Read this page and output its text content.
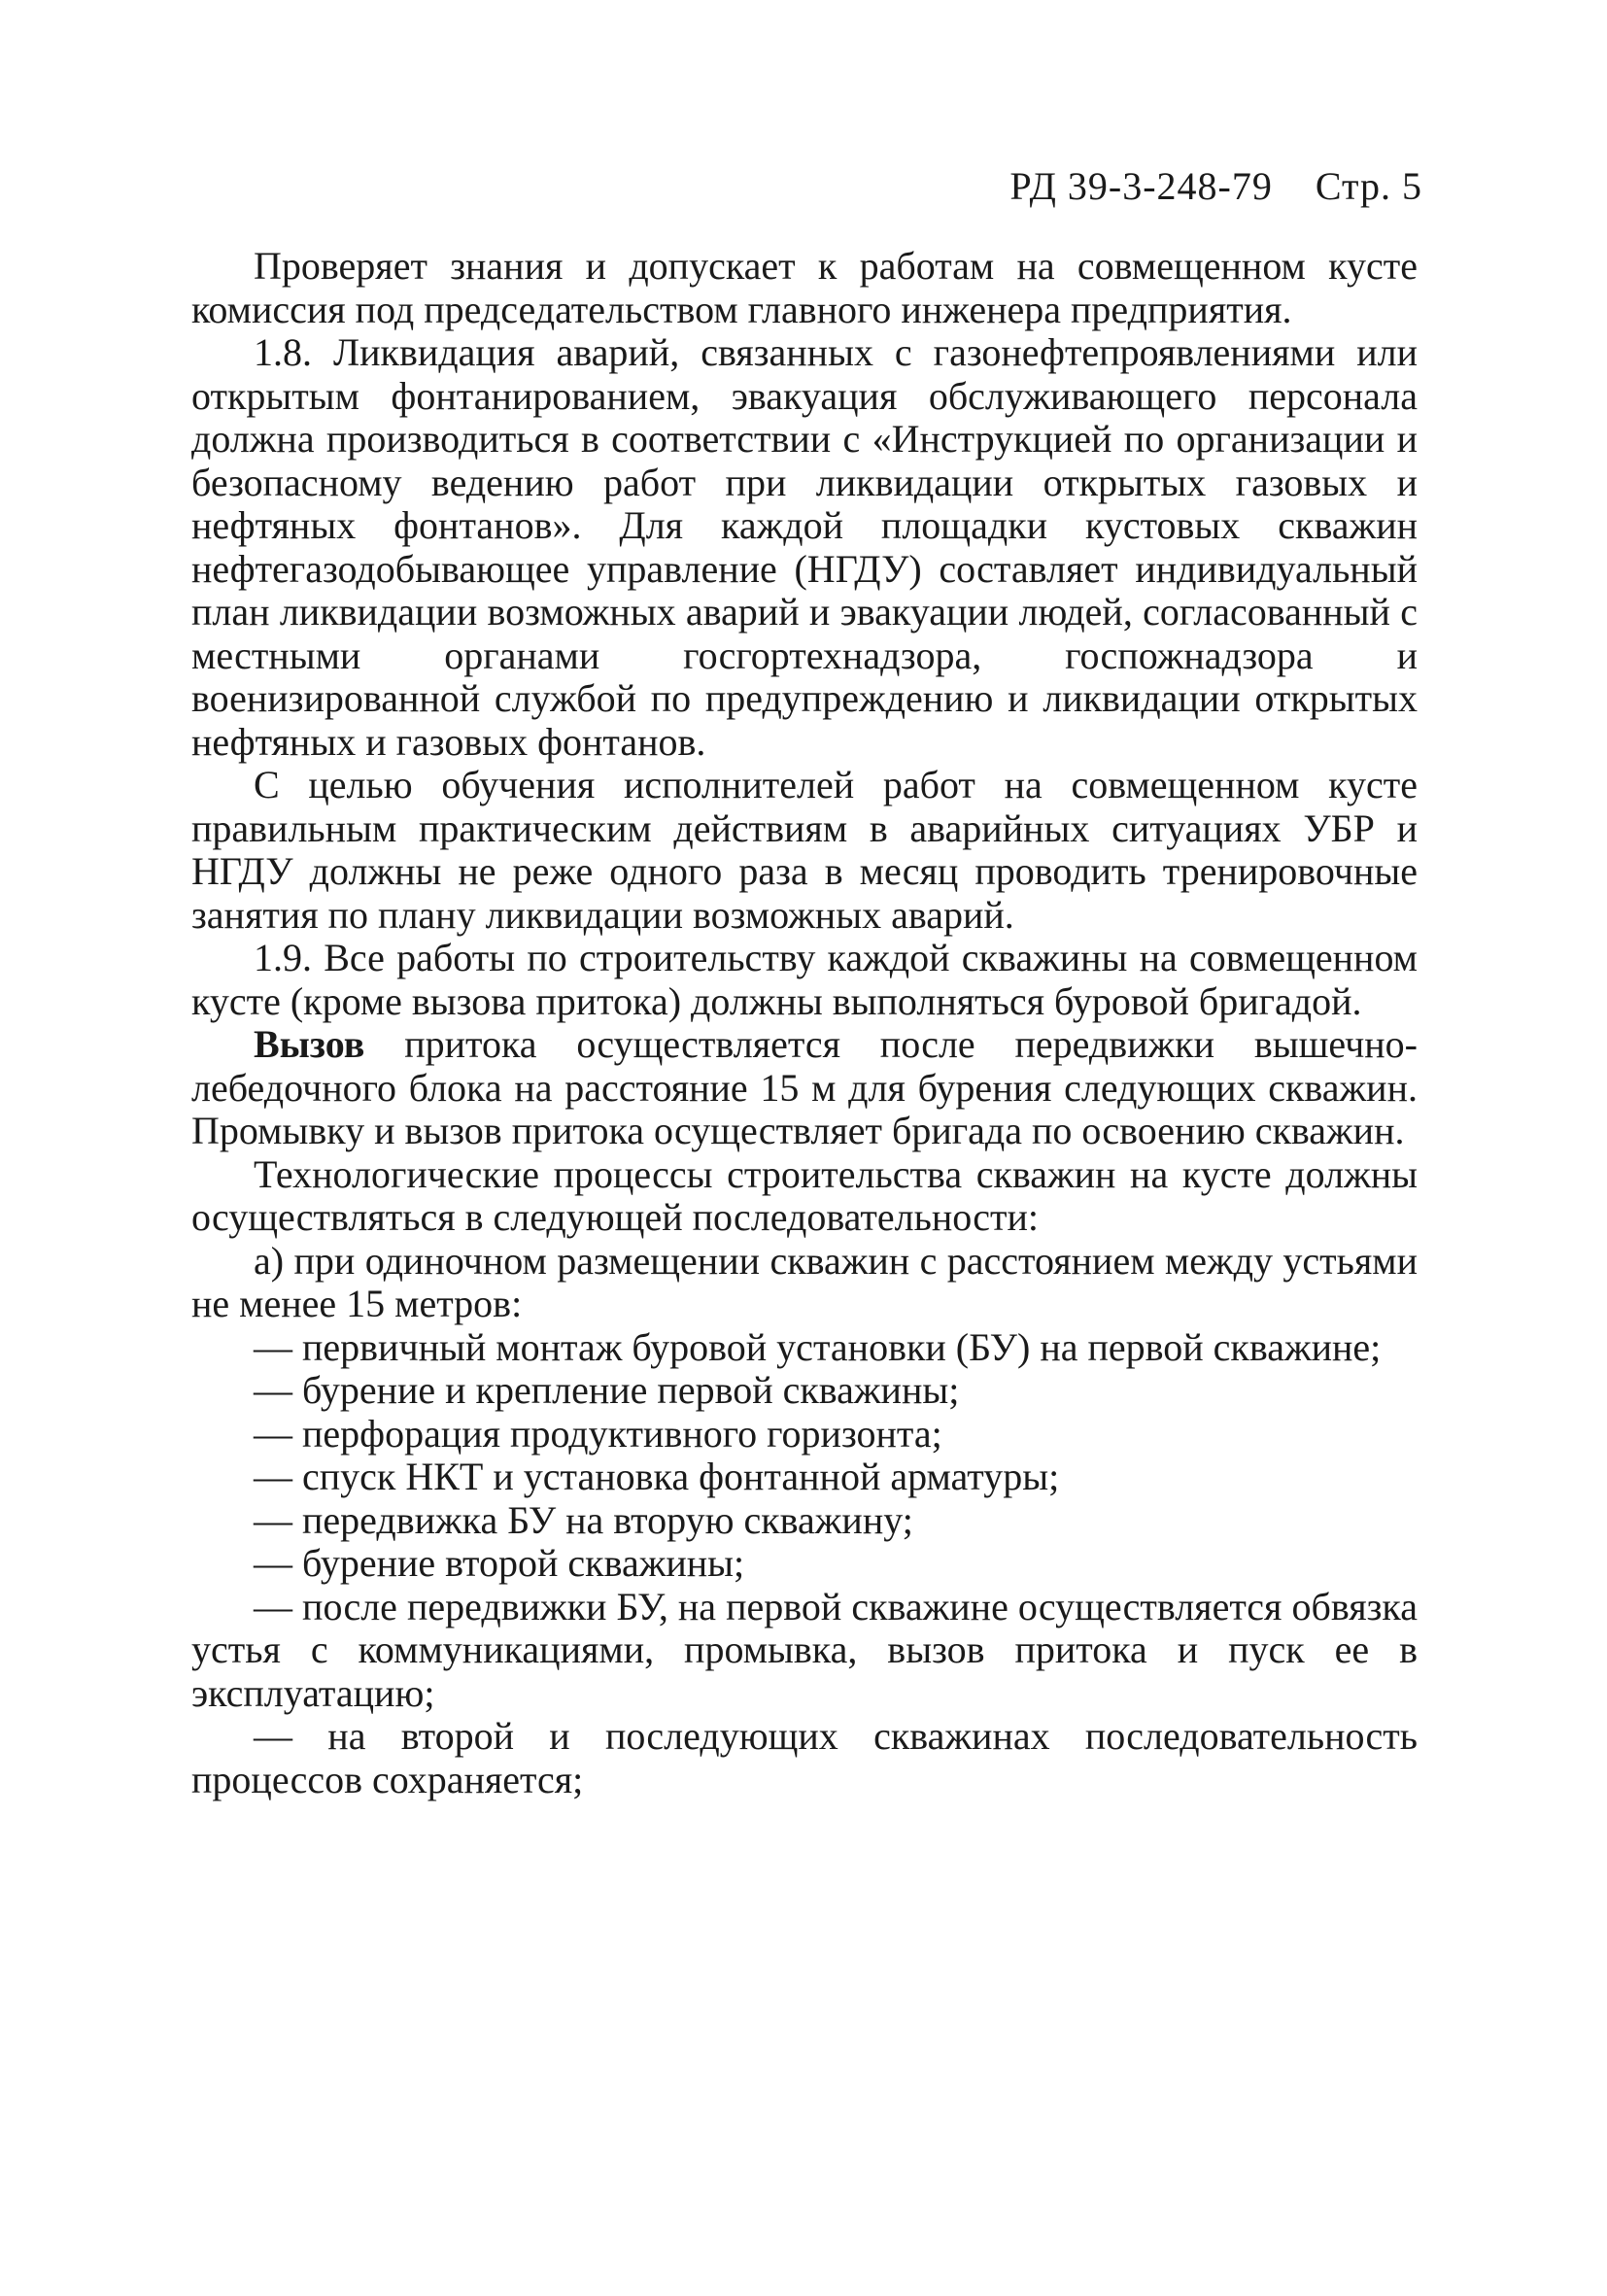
РД 39-3-248-79 Стр. 5

Проверяет знания и допускает к работам на совмещенном кусте комиссия под председательством главного инженера предприятия.

1.8. Ликвидация аварий, связанных с газонефтепроявлениями или открытым фонтанированием, эвакуация обслуживающего персонала должна производиться в соответствии с «Инструкцией по организации и безопасному ведению работ при ликвидации открытых газовых и нефтяных фонтанов». Для каждой площадки кустовых скважин нефтегазодобывающее управление (НГДУ) составляет индивидуальный план ликвидации возможных аварий и эвакуации людей, согласованный с местными органами госгортехнадзора, госпожнадзора и военизированной службой по предупреждению и ликвидации открытых нефтяных и газовых фонтанов.

С целью обучения исполнителей работ на совмещенном кусте правильным практическим действиям в аварийных ситуациях УБР и НГДУ должны не реже одного раза в месяц проводить тренировочные занятия по плану ликвидации возможных аварий.

1.9. Все работы по строительству каждой скважины на совмещенном кусте (кроме вызова притока) должны выполняться буровой бригадой.

Вызов притока осуществляется после передвижки вышечно-лебедочного блока на расстояние 15 м для бурения следующих скважин. Промывку и вызов притока осуществляет бригада по освоению скважин.

Технологические процессы строительства скважин на кусте должны осуществляться в следующей последовательности:

а) при одиночном размещении скважин с расстоянием между устьями не менее 15 метров:

— первичный монтаж буровой установки (БУ) на первой скважине;

— бурение и крепление первой скважины;

— перфорация продуктивного горизонта;

— спуск НКТ и установка фонтанной арматуры;

— передвижка БУ на вторую скважину;

— бурение второй скважины;

— после передвижки БУ, на первой скважине осуществляется обвязка устья с коммуникациями, промывка, вызов притока и пуск ее в эксплуатацию;

— на второй и последующих скважинах последовательность процессов сохраняется;
